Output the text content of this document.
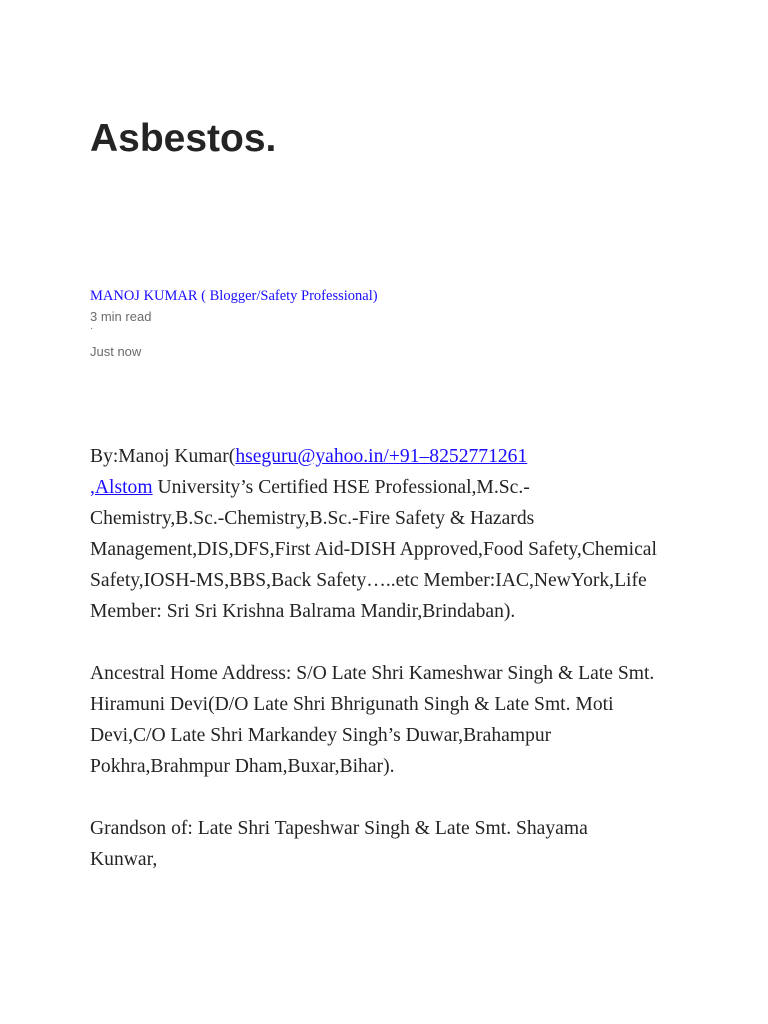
Asbestos.
MANOJ KUMAR ( Blogger/Safety Professional)
3 min read
·
Just now

By:Manoj Kumar(hseguru@yahoo.in/+91–8252771261
,Alstom University’s Certified HSE Professional,M.Sc.-
Chemistry,B.Sc.-Chemistry,B.Sc.-Fire Safety & Hazards
Management,DIS,DFS,First Aid-DISH Approved,Food Safety,Chemical
Safety,IOSH-MS,BBS,Back Safety…..etc Member:IAC,NewYork,Life
Member: Sri Sri Krishna Balrama Mandir,Brindaban).

Ancestral Home Address: S/O Late Shri Kameshwar Singh & Late Smt.
Hiramuni Devi(D/O Late Shri Bhrigunath Singh & Late Smt. Moti
Devi,C/O Late Shri Markandey Singh’s Duwar,Brahampur
Pokhra,Brahmpur Dham,Buxar,Bihar).

Grandson of: Late Shri Tapeshwar Singh & Late Smt. Shayama
Kunwar,
